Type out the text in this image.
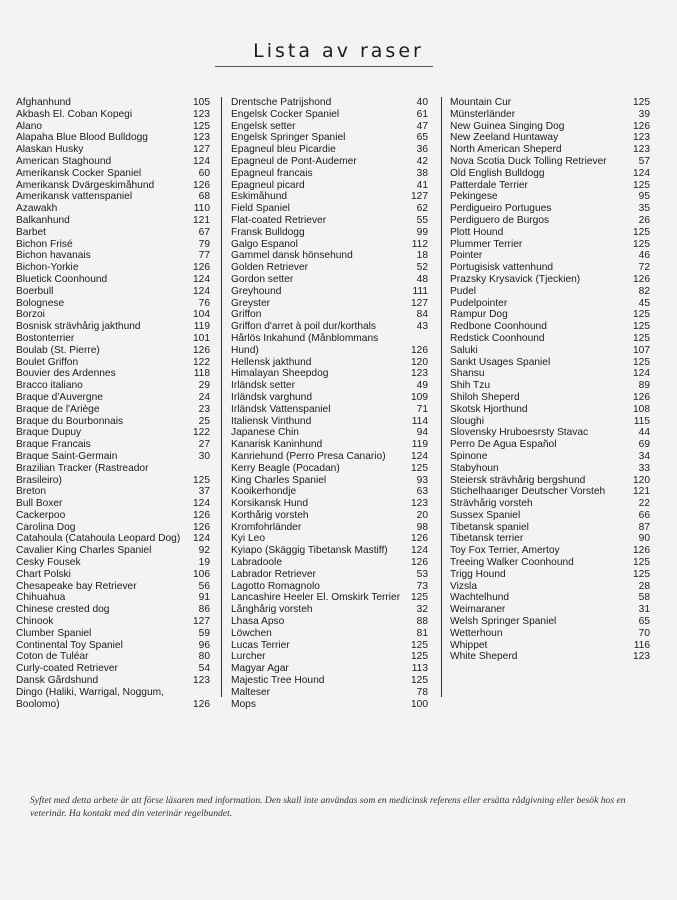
Lista av raser
Afghanhund	105
Akbash El. Coban Kopegi	123
Alano	125
Alapaha Blue Blood Bulldogg	123
Alaskan Husky	127
American Staghound	124
Amerikansk Cocker Spaniel	60
Amerikansk Dvärgeskimåhund	126
Amerikansk vattenspaniel	68
Azawakh	110
Balkanhund	121
Barbet	67
Bichon Frisé	79
Bichon havanais	77
Bichon-Yorkie	126
Bluetick Coonhound	124
Boerbull	124
Bolognese	76
Borzoi	104
Bosnisk strävhårig jakthund	119
Bostonterrier	101
Boulab (St. Pierre)	126
Boulet Griffon	122
Bouvier des Ardennes	118
Bracco italiano	29
Braque d'Auvergne	24
Braque de l'Ariège	23
Braque du Bourbonnais	25
Braque Dupuy	122
Braque Francais	27
Braque Saint-Germain	30
Brazilian Tracker (Rastreador Brasileiro)	125
Breton	37
Bull Boxer	124
Cackerpoo	126
Carolina Dog	126
Catahoula (Catahoula Leopard Dog)	124
Cavalier King Charles Spaniel	92
Cesky Fousek	19
Chart Polski	106
Chesapeake bay Retriever	56
Chihuahua	91
Chinese crested dog	86
Chinook	127
Clumber Spaniel	59
Continental Toy Spaniel	96
Coton de Tuléar	80
Curly-coated Retriever	54
Dansk Gårdshund	123
Dingo (Haliki, Warrigal, Noggum, Boolomo)	126
Drentsche Patrijshond	40
Engelsk Cocker Spaniel	61
Engelsk setter	47
Engelsk Springer Spaniel	65
Épagneul bleu Picardie	36
Épagneul de Pont-Audemer	42
Épagneul francais	38
Épagneul picard	41
Eskimåhund	127
Field Spaniel	62
Flat-coated Retriever	55
Fransk Bulldogg	99
Galgo Espanol	112
Gammel dansk hönsehund	18
Golden Retriever	52
Gordon setter	48
Greyhound	111
Greyster	127
Griffon	84
Griffon d'arret à poil dur/korthals	43
Hårlös Inkahund (Månblommans Hund)	126
Hellensk jakthund	120
Himalayan Sheepdog	123
Irländsk setter	49
Irländsk varghund	109
Irländsk Vattenspaniel	71
Italiensk Vinthund	114
Japanese Chin	94
Kanarisk Kaninhund	119
Kanriehund (Perro Presa Canario)	124
Kerry Beagle (Pocadan)	125
King Charles Spaniel	93
Kooikerhondje	63
Korsikansk Hund	123
Korthårig vorsteh	20
Kromfohrländer	98
Kyi Leo	126
Kyiapo (Skäggig Tibetansk Mastiff)	124
Labradoole	126
Labrador Retriever	53
Lagotto Romagnolo	73
Lancashire Heeler El. Omskirk Terrier	125
Långhårig vorsteh	32
Lhasa Apso	88
Löwchen	81
Lucas Terrier	125
Lurcher	125
Magyar Agar	113
Majestic Tree Hound	125
Malteser	78
Mops	100
Mountain Cur	125
Münsterländer	39
New Guinea Singing Dog	126
New Zeeland Huntaway	123
North American Sheperd	123
Nova Scotia Duck Tolling Retriever	57
Old English Bulldogg	124
Patterdale Terrier	125
Pekingese	95
Perdigueiro Portugues	35
Perdiguero de Burgos	26
Plott Hound	125
Plummer Terrier	125
Pointer	46
Portugisisk vattenhund	72
Prazsky Krysavick (Tjeckien)	126
Pudel	82
Pudelpointer	45
Rampur Dog	125
Redbone Coonhound	125
Redstick Coonhound	125
Saluki	107
Sankt Usages Spaniel	125
Shansu	124
Shih Tzu	89
Shiloh Sheperd	126
Skotsk Hjorthund	108
Sloughi	115
Slovensky Hruboesrsty Stavac	44
Perro De Agua Español	69
Spinone	34
Stabyhoun	33
Steiersk strävhårig bergshund	120
Stichelhaarıger Deutscher Vorsteh	121
Strävhårig vorsteh	22
Sussex Spaniel	66
Tibetansk spaniel	87
Tibetansk terrier	90
Toy Fox Terrier, Amertoy	126
Treeing Walker Coonhound	125
Trigg Hound	125
Vizsla	28
Wachtelhund	58
Weimaraner	31
Welsh Springer Spaniel	65
Wetterhoun	70
Whippet	116
White Sheperd	123

Syftet med detta arbete är att förse läsaren med information. Den skall inte användas som en medicinsk referens eller ersätta rådgivning eller besök hos en veterinär. Ha kontakt med din veterinär regelbundet.
